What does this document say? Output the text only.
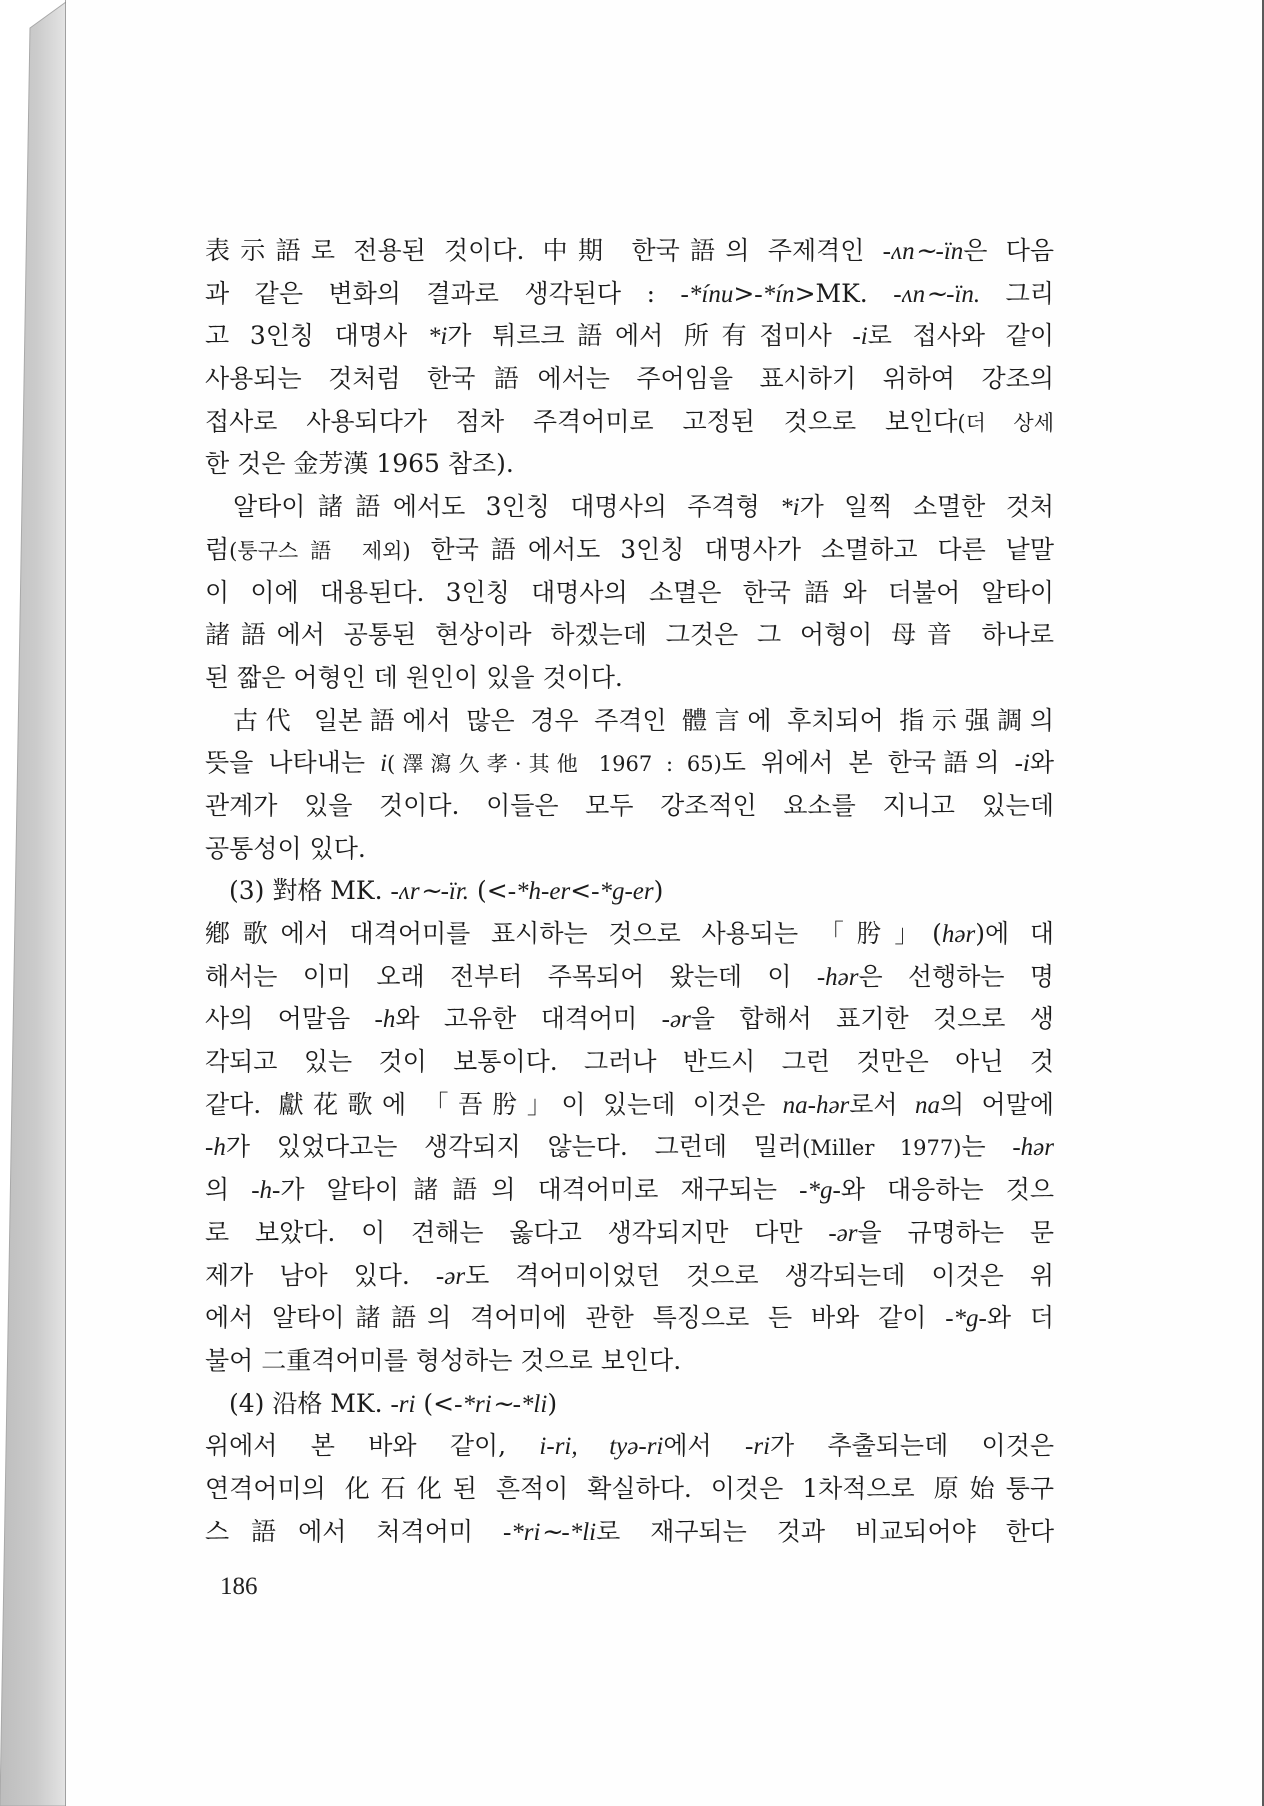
表示語로 전용된 것이다. 中期 한국語의 주제격인 -ʌn∼-ïn은 다음
과 같은 변화의 결과로 생각된다 : -*ínu>-*ín>MK. -ʌn∼-ïn. 그리
고 3인칭 대명사 *i가 튀르크語에서 所有접미사 -i로 접사와 같이
사용되는 것처럼 한국語에서는 주어임을 표시하기 위하여 강조의
접사로 사용되다가 점차 주격어미로 고정된 것으로 보인다(더 상세
한 것은 金芳漢 1965 참조).
알타이諸語에서도 3인칭 대명사의 주격형 *i가 일찍 소멸한 것처
럼(퉁구스語 제외) 한국語에서도 3인칭 대명사가 소멸하고 다른 낱말
이 이에 대용된다. 3인칭 대명사의 소멸은 한국語와 더불어 알타이
諸語에서 공통된 현상이라 하겠는데 그것은 그 어형이 母音 하나로
된 짧은 어형인 데 원인이 있을 것이다.
古代 일본語에서 많은 경우 주격인 體言에 후치되어 指示强調의
뜻을 나타내는 i(澤瀉久孝·其他 1967 : 65)도 위에서 본 한국語의 -i와
관계가 있을 것이다. 이들은 모두 강조적인 요소를 지니고 있는데
공통성이 있다.
(3) 對格 MK. -ʌr∼-ïr. (<-*h-er<-*g-er)
鄕歌에서 대격어미를 표시하는 것으로 사용되는 「肹」(hər)에 대
해서는 이미 오래 전부터 주목되어 왔는데 이 -hər은 선행하는 명
사의 어말음 -h와 고유한 대격어미 -ər을 합해서 표기한 것으로 생
각되고 있는 것이 보통이다. 그러나 반드시 그런 것만은 아닌 것
같다. 獻花歌에 「吾肹」이 있는데 이것은 na-hər로서 na의 어말에
-h가 있었다고는 생각되지 않는다. 그런데 밀러(Miller 1977)는 -hər
의 -h-가 알타이諸語의 대격어미로 재구되는 -*g-와 대응하는 것으
로 보았다. 이 견해는 옳다고 생각되지만 다만 -ər을 규명하는 문
제가 남아 있다. -ər도 격어미이었던 것으로 생각되는데 이것은 위
에서 알타이諸語의 격어미에 관한 특징으로 든 바와 같이 -*g-와 더
불어 二重격어미를 형성하는 것으로 보인다.
(4) 沿格 MK. -ri (<-*ri∼-*li)
위에서 본 바와 같이, i-ri, tyə-ri에서 -ri가 추출되는데 이것은
연격어미의 化石化된 흔적이 확실하다. 이것은 1차적으로 原始퉁구
스語에서 처격어미 -*ri∼-*li로 재구되는 것과 비교되어야 한다
186
